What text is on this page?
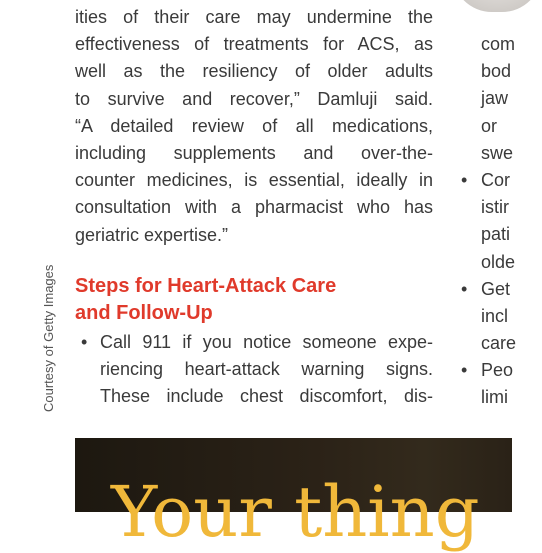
ities of their care may undermine the
effectiveness of treatments for ACS, as
well as the resiliency of older adults
to survive and recover,” Damluji said.
“A detailed review of all medications,
including supplements and over-the-
counter medicines, is essential, ideally in
consultation with a pharmacist who has
geriatric expertise.”
Steps for Heart-Attack Care
and Follow-Up
• Call 911 if you notice someone expe-
riencing heart-attack warning signs.
These include chest discomfort, dis-
Courtesy of Getty Images
com
bod
jaw
or
swe
• Cor
istir
pati
olde
• Get
incl
care
• Peo
limi
Your thing
